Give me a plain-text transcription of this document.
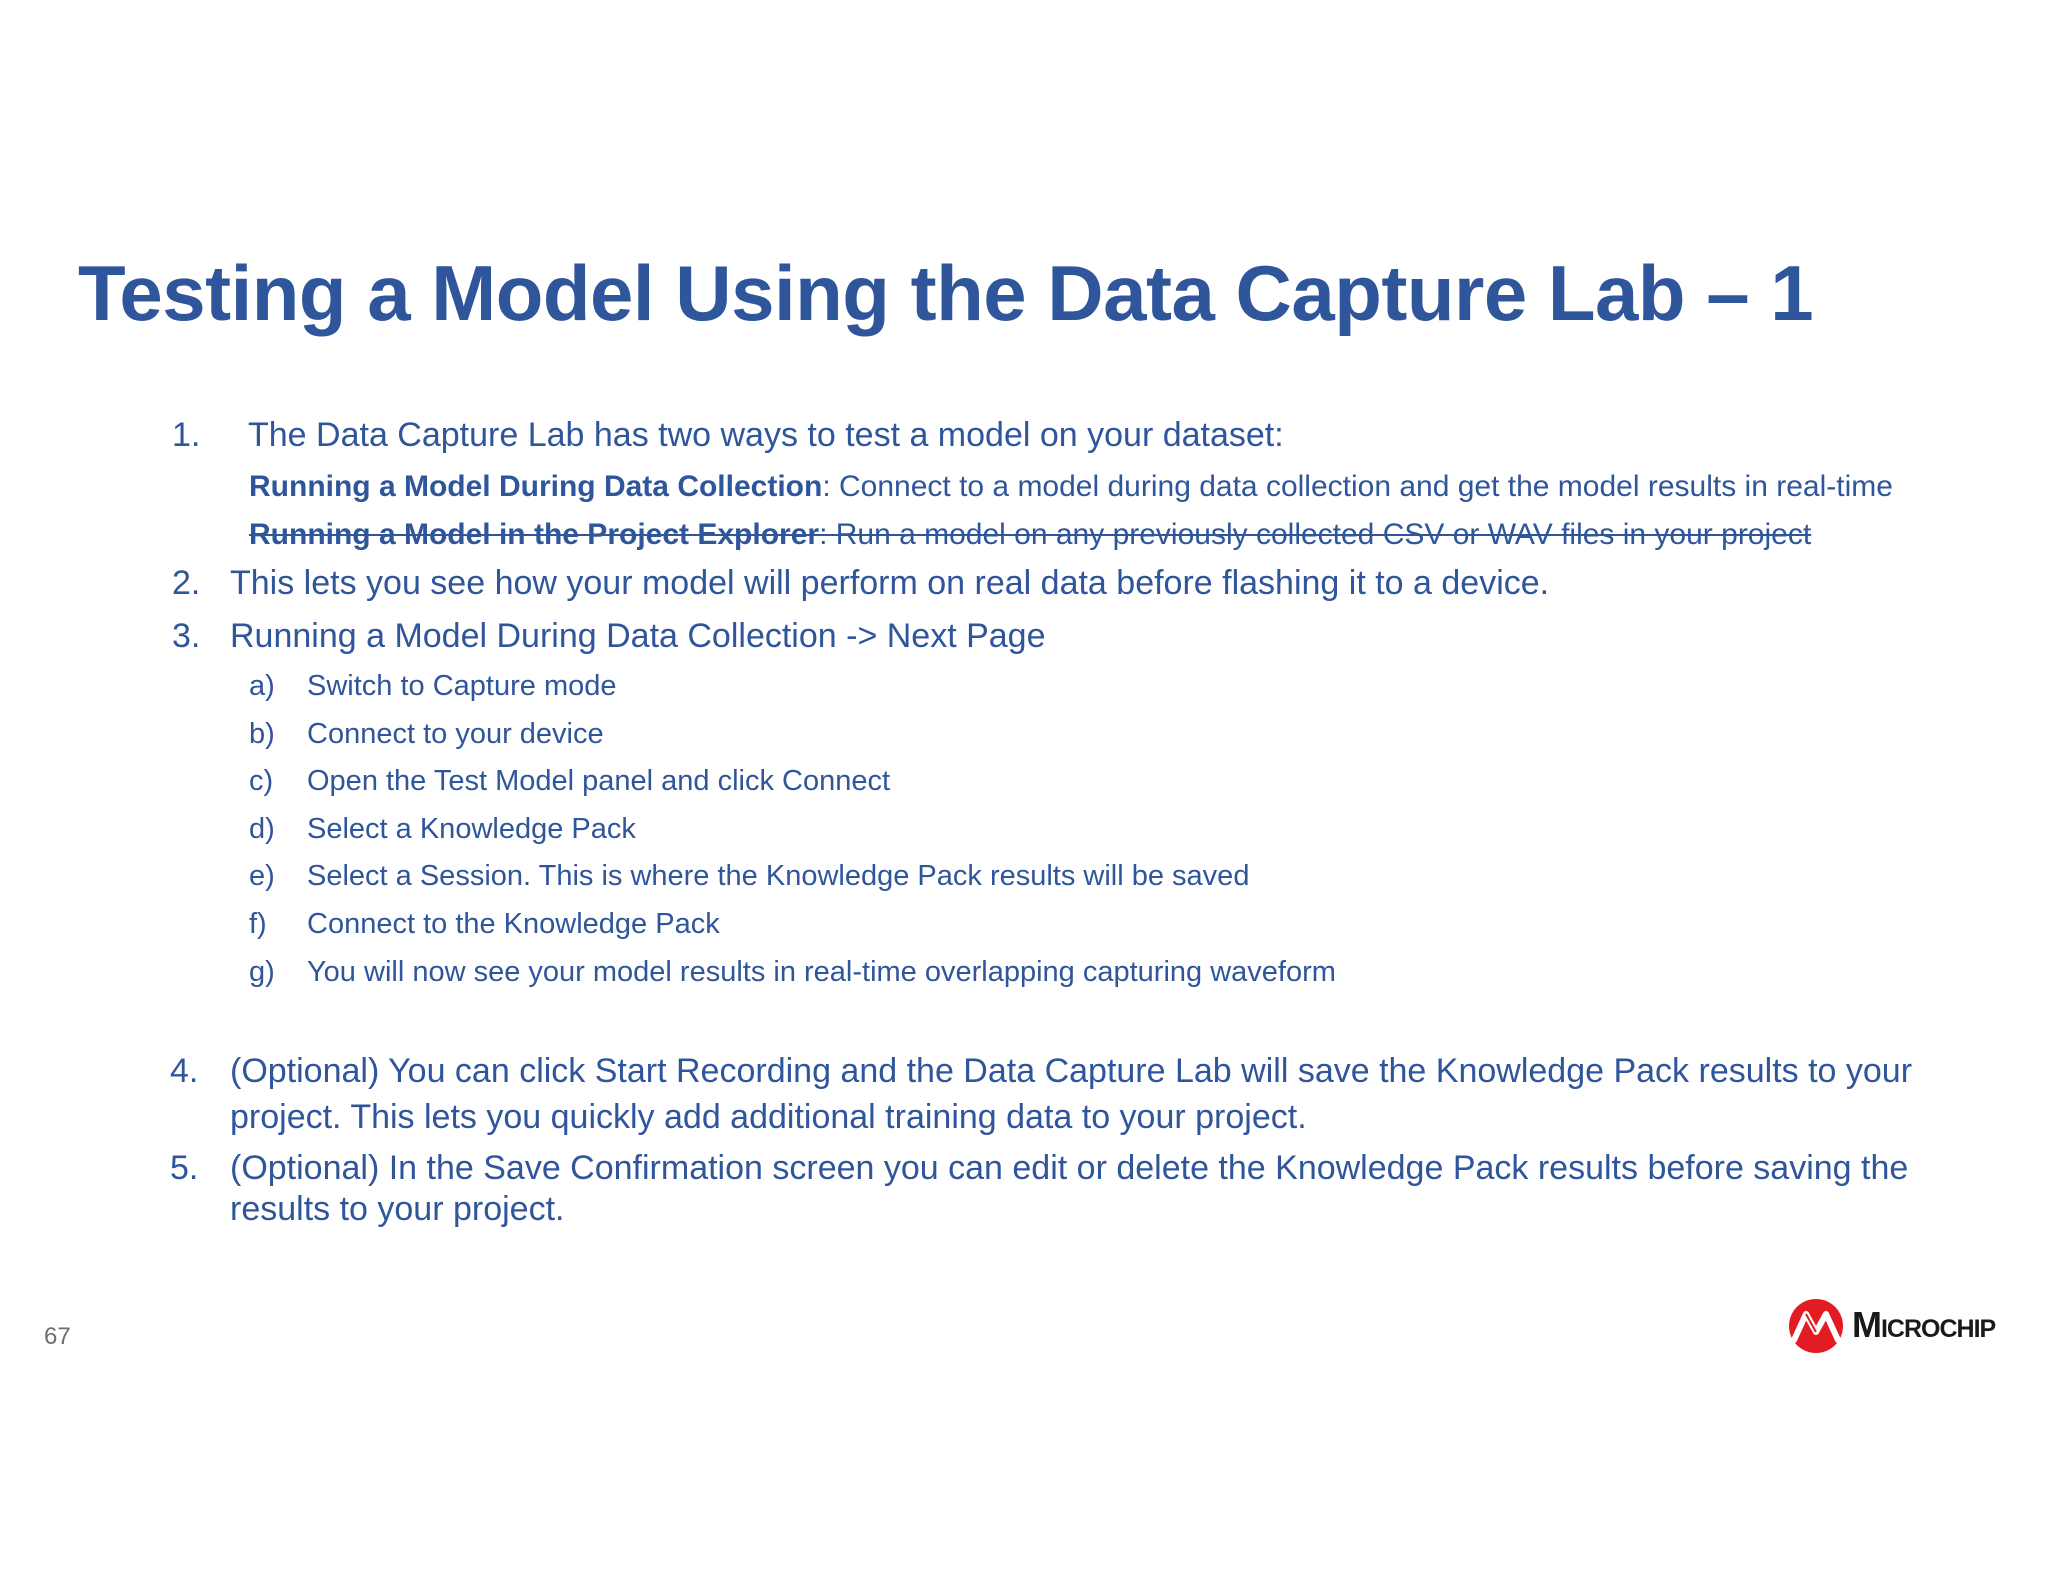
Testing a Model Using the Data Capture Lab – 1
1. The Data Capture Lab has two ways to test a model on your dataset:
Running a Model During Data Collection: Connect to a model during data collection and get the model results in real-time
Running a Model in the Project Explorer: Run a model on any previously collected CSV or WAV files in your project
2. This lets you see how your model will perform on real data before flashing it to a device.
3. Running a Model During Data Collection -> Next Page
a) Switch to Capture mode
b) Connect to your device
c) Open the Test Model panel and click Connect
d) Select a Knowledge Pack
e) Select a Session. This is where the Knowledge Pack results will be saved
f) Connect to the Knowledge Pack
g) You will now see your model results in real-time overlapping capturing waveform
4. (Optional) You can click Start Recording and the Data Capture Lab will save the Knowledge Pack results to your
project. This lets you quickly add additional training data to your project.
5. (Optional) In the Save Confirmation screen you can edit or delete the Knowledge Pack results before saving the
results to your project.
67	Microchip
